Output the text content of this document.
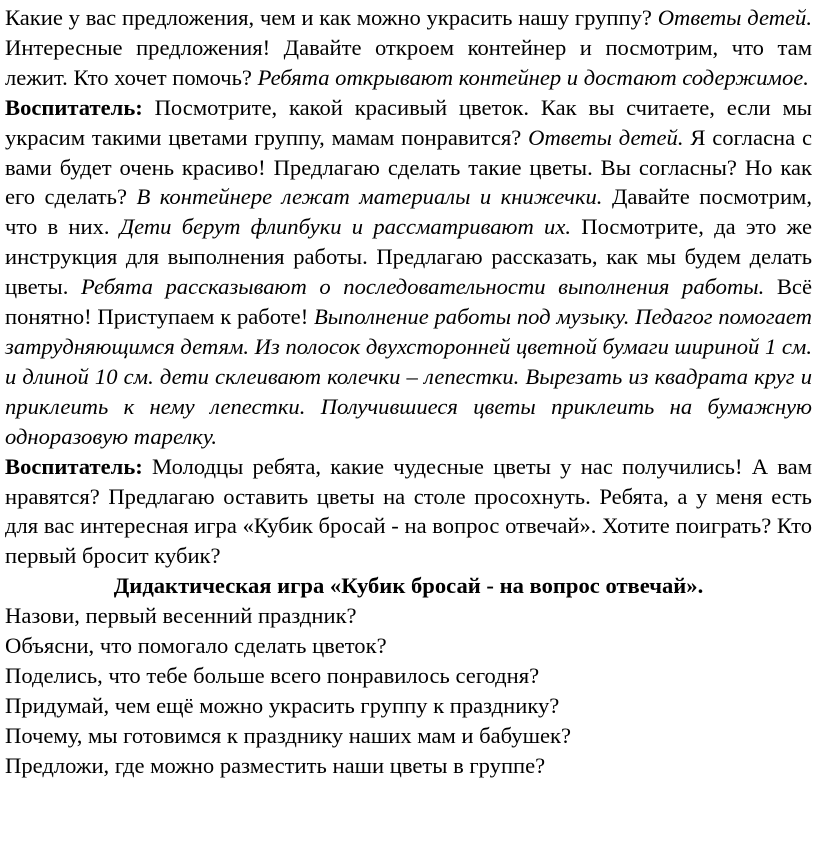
Какие у вас предложения, чем и как можно украсить нашу группу? Ответы детей. Интересные предложения! Давайте откроем контейнер и посмотрим, что там лежит. Кто хочет помочь? Ребята открывают контейнер и достают содержимое.

Воспитатель: Посмотрите, какой красивый цветок. Как вы считаете, если мы украсим такими цветами группу, мамам понравится? Ответы детей. Я согласна с вами будет очень красиво! Предлагаю сделать такие цветы. Вы согласны? Но как его сделать? В контейнере лежат материалы и книжечки. Давайте посмотрим, что в них. Дети берут флипбуки и рассматривают их. Посмотрите, да это же инструкция для выполнения работы. Предлагаю рассказать, как мы будем делать цветы. Ребята рассказывают о последовательности выполнения работы. Всё понятно! Приступаем к работе! Выполнение работы под музыку. Педагог помогает затрудняющимся детям. Из полосок двухсторонней цветной бумаги шириной 1 см. и длиной 10 см. дети склеивают колечки – лепестки. Вырезать из квадрата круг и приклеить к нему лепестки. Получившиеся цветы приклеить на бумажную одноразовую тарелку.

Воспитатель: Молодцы ребята, какие чудесные цветы у нас получились! А вам нравятся? Предлагаю оставить цветы на столе просохнуть. Ребята, а у меня есть для вас интересная игра «Кубик бросай - на вопрос отвечай». Хотите поиграть? Кто первый бросит кубик?

Дидактическая игра «Кубик бросай - на вопрос отвечай».

Назови, первый весенний праздник?

Объясни, что помогало сделать цветок?

Поделись, что тебе больше всего понравилось сегодня?

Придумай, чем ещё можно украсить группу к празднику?

Почему, мы готовимся к празднику наших мам и бабушек?

Предложи, где можно разместить наши цветы в группе?
